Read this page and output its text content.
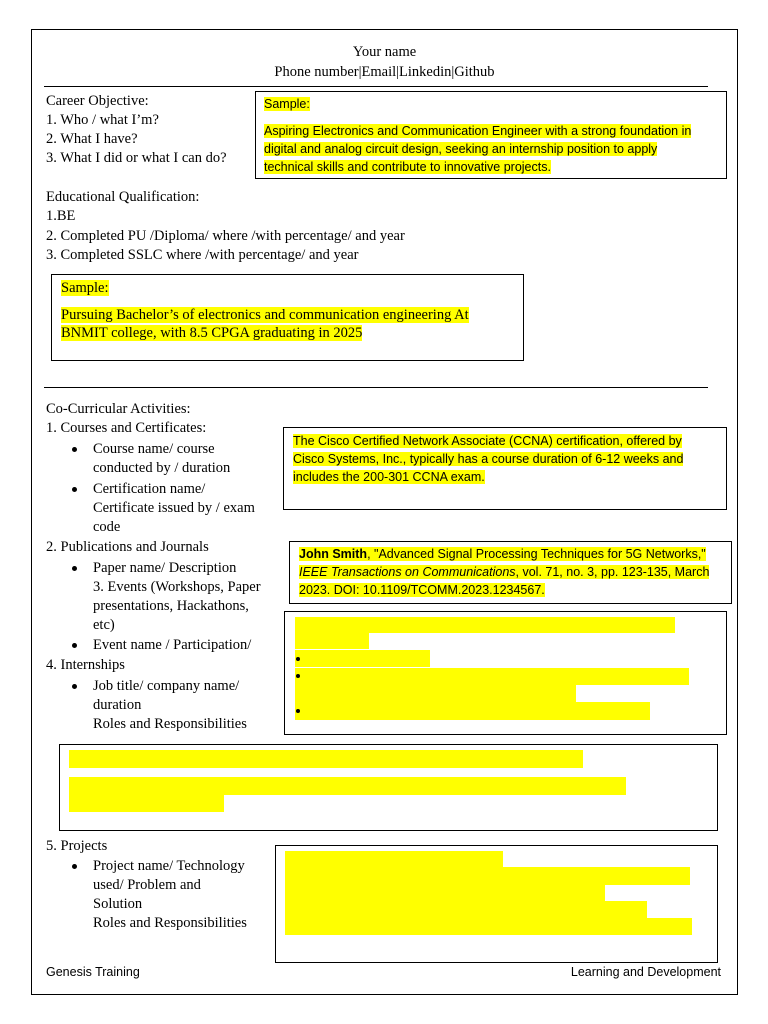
Your name
Phone number|Email|Linkedin|Github
Career Objective:
1. Who / what I’m?
2. What I have?
3. What I did or what I can do?
Sample:
Aspiring Electronics and Communication Engineer with a strong foundation in
digital and analog circuit design, seeking an internship position to apply
technical skills and contribute to innovative projects.
Educational Qualification:
1.BE
2. Completed PU /Diploma/ where /with percentage/ and year
3. Completed SSLC where /with percentage/ and year
Sample:
Pursuing Bachelor’s of electronics and communication engineering At
BNMIT college, with 8.5 CPGA graduating in 2025
Co-Curricular Activities:
1. Courses and Certificates:
Course name/ course
conducted by / duration
Certification name/
Certificate issued by / exam
code
2. Publications and Journals
Paper name/ Description
3. Events (Workshops, Paper
presentations, Hackathons,
etc)
Event name / Participation/
4. Internships
Job title/ company name/
duration
Roles and Responsibilities
The Cisco Certified Network Associate (CCNA) certification, offered by
Cisco Systems, Inc., typically has a course duration of 6-12 weeks and
includes the 200-301 CCNA exam.
John Smith, "Advanced Signal Processing Techniques for 5G Networks,"
IEEE Transactions on Communications, vol. 71, no. 3, pp. 123-135, March
2023. DOI: 10.1109/TCOMM.2023.1234567.
5. Projects
Project name/ Technology
used/ Problem and
Solution
Roles and Responsibilities
Genesis Training	Learning and Development
